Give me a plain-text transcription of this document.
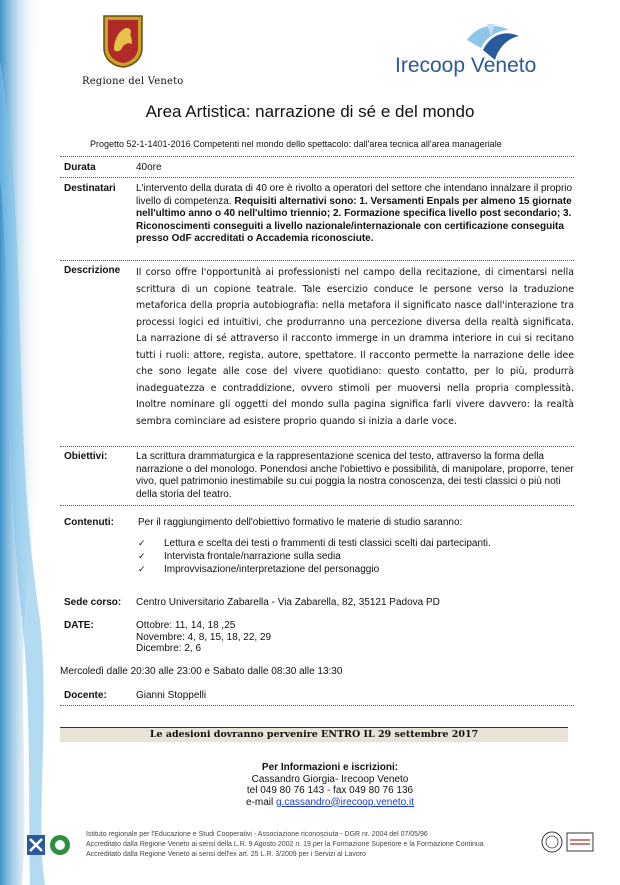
Regione del Veneto
Irecoop Veneto
Area Artistica: narrazione di sé e del mondo
Progetto 52-1-1401-2016 Competenti nel mondo dello spettacolo: dall'area tecnica all'area manageriale
Durata	40ore
Destinatari L'intervento della durata di 40 ore è rivolto a operatori del settore che intendano innalzare il proprio livello di competenza. Requisiti alternativi sono: 1. Versamenti Enpals per almeno 15 giornate nell'ultimo anno o 40 nell'ultimo triennio; 2. Formazione specifica livello post secondario; 3. Riconoscimenti conseguiti a livello nazionale/internazionale con certificazione conseguita presso OdF accreditati o Accademia riconosciute.
Descrizione Il corso offre l'opportunità ai professionisti nel campo della recitazione, di cimentarsi nella scrittura di un copione teatrale. Tale esercizio conduce le persone verso la traduzione metaforica della propria autobiografia: nella metafora il significato nasce dall'interazione tra processi logici ed intuitivi, che produrranno una percezione diversa della realtà significata. La narrazione di sé attraverso il racconto immerge in un dramma interiore in cui si recitano tutti i ruoli: attore, regista, autore, spettatore. Il racconto permette la narrazione delle idee che sono legate alle cose del vivere quotidiano: questo contatto, per lo più, produrrà inadeguatezza e contraddizione, ovvero stimoli per muoversi nella propria complessità. Inoltre nominare gli oggetti del mondo sulla pagina significa farli vivere davvero: la realtà sembra cominciare ad esistere proprio quando si inizia a darle voce.
Obiettivi:	La scrittura drammaturgica e la rappresentazione scenica del testo, attraverso la forma della narrazione o del monologo. Ponendosi anche l'obiettivo e possibilità, di manipolare, proporre, tener vivo, quel patrimonio inestimabile su cui poggia la nostra conoscenza, dei testi classici o più noti della storia del teatro.
Contenuti: Per il raggiungimento dell'obiettivo formativo le materie di studio saranno:
✓ Lettura e scelta dei testi o frammenti di testi classici scelti dai partecipanti.
✓ Intervista frontale/narrazione sulla sedia
✓ Improvvisazione/interpretazione del personaggio
Sede corso: Centro Universitario Zabarella - Via Zabarella, 82, 35121 Padova PD
DATE:	Ottobre: 11, 14, 18 ,25
Novembre: 4, 8, 15, 18, 22, 29
Dicembre: 2, 6
Mercoledì dalle 20:30 alle 23:00 e Sabato dalle 08:30 alle 13:30
Docente:	Gianni Stoppelli
Le adesioni dovranno pervenire ENTRO IL 29 settembre 2017
Per Informazioni e iscrizioni:
Cassandro Giorgia- Irecoop Veneto
tel 049 80 76 143 - fax 049 80 76 136
e-mail g.cassandro@irecoop.veneto.it
Istituto regionale per l'Educazione e Studi Cooperativi - Associazione riconosciuta - DGR nr. 2004 del 07/05/96
Accreditato dalla Regione Veneto ai sensi della L.R. 9 Agosto 2002 n. 19 per la Formazione Superiore e la Formazione Continua
Accreditato dalla Regione Veneto ai sensi dell'ex art. 25 L.R. 3/2009 per i Servizi al Lavoro
